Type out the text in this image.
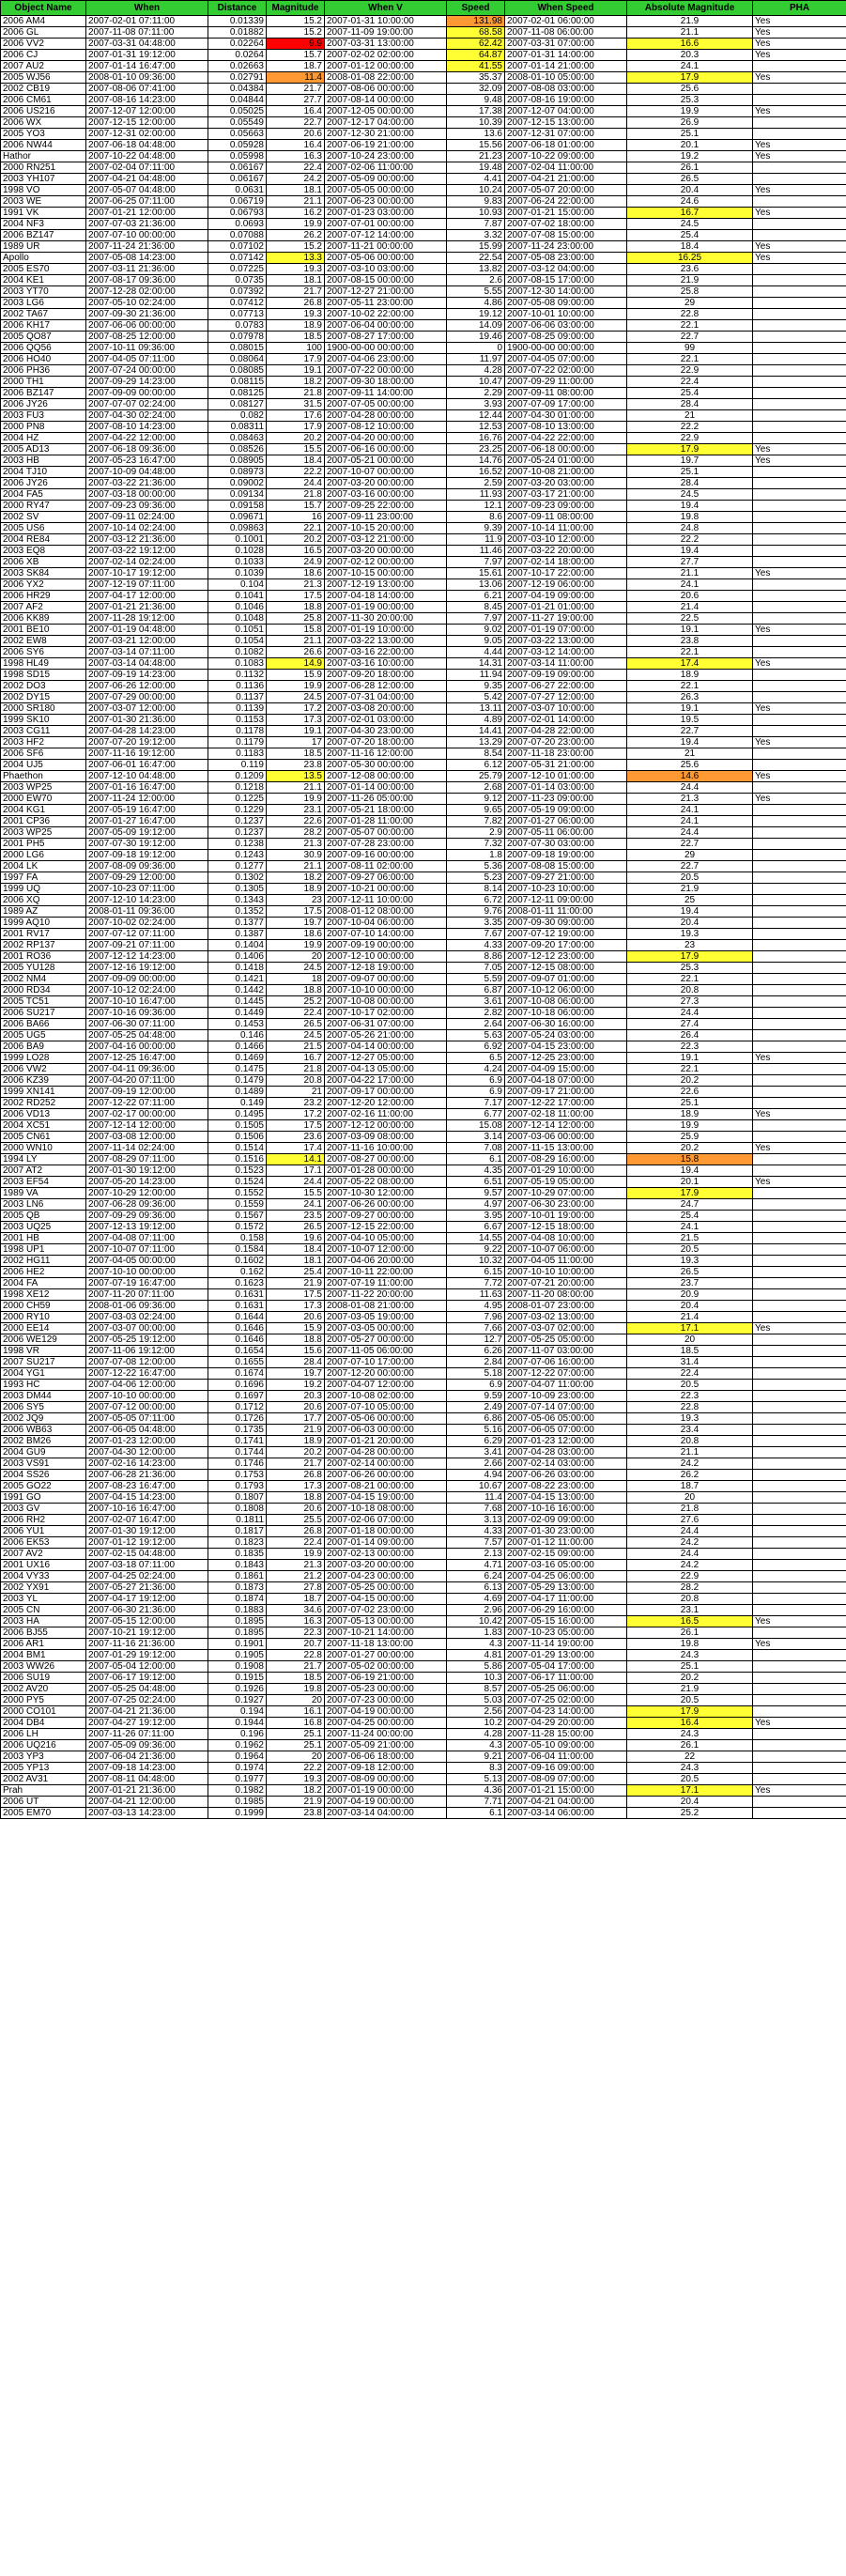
Object Name	When	Distance	Magnitude	When V	Speed	When Speed	Absolute Magnitude	PHA
2006 AM4	2007-02-01 07:11:00	0.01339	15.2	2007-01-31 10:00:00	131.98	2007-02-01 06:00:00	21.9	Yes
2006 GL	2007-11-08 07:11:00	0.01882	15.2	2007-11-09 19:00:00	68.58	2007-11-08 06:00:00	21.1	Yes
2006 VV2	2007-03-31 04:48:00	0.02264	9.9	2007-03-31 13:00:00	62.42	2007-03-31 07:00:00	16.6	Yes
2006 CJ	2007-01-31 19:12:00	0.0264	15.7	2007-02-02 02:00:00	64.87	2007-01-31 14:00:00	20.3	Yes
2007 AU2	2007-01-14 16:47:00	0.02663	18.7	2007-01-12 00:00:00	41.55	2007-01-14 21:00:00	24.1	
2005 WJ56	2008-01-10 09:36:00	0.02791	11.4	2008-01-08 22:00:00	35.37	2008-01-10 05:00:00	17.9	Yes
2002 CB19	2007-08-06 07:41:00	0.04384	21.7	2007-08-06 00:00:00	32.09	2007-08-08 03:00:00	25.6	
2006 CM61	2007-08-16 14:23:00	0.04844	27.7	2007-08-14 00:00:00	9.48	2007-08-16 19:00:00	25.3	
2006 US216	2007-12-07 12:00:00	0.05025	16.4	2007-12-05 00:00:00	17.38	2007-12-07 04:00:00	19.9	Yes
2006 WX	2007-12-15 12:00:00	0.05549	22.7	2007-12-17 04:00:00	10.39	2007-12-15 13:00:00	26.9	
2005 YO3	2007-12-31 02:00:00	0.05663	20.6	2007-12-30 21:00:00	13.6	2007-12-31 07:00:00	25.1	
2006 NW44	2007-06-18 04:48:00	0.05928	16.4	2007-06-19 21:00:00	15.56	2007-06-18 01:00:00	20.1	Yes
Hathor	2007-10-22 04:48:00	0.05998	16.3	2007-10-24 23:00:00	21.23	2007-10-22 09:00:00	19.2	Yes
2000 RN251	2007-02-04 07:11:00	0.06167	22.4	2007-02-06 11:00:00	19.48	2007-02-04 11:00:00	26.1	
2003 YH107	2007-04-21 04:48:00	0.06167	24.2	2007-05-09 00:00:00	4.41	2007-04-21 21:00:00	26.5	
1998 VO	2007-05-07 04:48:00	0.0631	18.1	2007-05-05 00:00:00	10.24	2007-05-07 20:00:00	20.4	Yes
2003 WE	2007-06-25 07:11:00	0.06719	21.1	2007-06-23 00:00:00	9.83	2007-06-24 22:00:00	24.6	
1991 VK	2007-01-21 12:00:00	0.06793	16.2	2007-01-23 03:00:00	10.93	2007-01-21 15:00:00	16.7	Yes
2004 NF3	2007-07-03 21:36:00	0.0693	19.9	2007-07-01 00:00:00	7.87	2007-07-02 18:00:00	24.5	
2006 BZ147	2007-07-10 00:00:00	0.07088	26.2	2007-07-12 14:00:00	3.32	2007-07-08 15:00:00	25.4	
1989 UR	2007-11-24 21:36:00	0.07102	15.2	2007-11-21 00:00:00	15.99	2007-11-24 23:00:00	18.4	Yes
Apollo	2007-05-08 14:23:00	0.07142	13.3	2007-05-06 00:00:00	22.54	2007-05-08 23:00:00	16.25	Yes
2005 ES70	2007-03-11 21:36:00	0.07225	19.3	2007-03-10 03:00:00	13.82	2007-03-12 04:00:00	23.6	
2004 KE1	2007-08-17 09:36:00	0.0735	18.1	2007-08-15 00:00:00	2.6	2007-08-15 17:00:00	21.9	
2003 YT70	2007-12-28 02:00:00	0.07392	21.7	2007-12-27 21:00:00	5.55	2007-12-30 14:00:00	25.8	
2003 LG6	2007-05-10 02:24:00	0.07412	26.8	2007-05-11 23:00:00	4.86	2007-05-08 09:00:00	29	
2002 TA67	2007-09-30 21:36:00	0.07713	19.3	2007-10-02 22:00:00	19.12	2007-10-01 10:00:00	22.8	
2006 KH17	2007-06-06 00:00:00	0.0783	18.9	2007-06-04 00:00:00	14.09	2007-06-06 03:00:00	22.1	
2005 QO87	2007-08-25 12:00:00	0.07978	18.5	2007-08-27 17:00:00	19.46	2007-08-25 09:00:00	22.7	
2006 QQ56	2007-10-11 09:36:00	0.08015	100	1900-00-00 00:00:00	0	1900-00-00 00:00:00	99	
2006 HO40	2007-04-05 07:11:00	0.08064	17.9	2007-04-06 23:00:00	11.97	2007-04-05 07:00:00	22.1	
2006 PH36	2007-07-24 00:00:00	0.08085	19.1	2007-07-22 00:00:00	4.28	2007-07-22 02:00:00	22.9	
2000 TH1	2007-09-29 14:23:00	0.08115	18.2	2007-09-30 18:00:00	10.47	2007-09-29 11:00:00	22.4	
2006 BZ147	2007-09-09 00:00:00	0.08125	21.8	2007-09-11 14:00:00	2.29	2007-09-11 08:00:00	25.4	
2006 JY26	2007-07-07 02:24:00	0.08127	31.5	2007-07-05 00:00:00	3.93	2007-07-09 17:00:00	28.4	
2003 FU3	2007-04-30 02:24:00	0.082	17.6	2007-04-28 00:00:00	12.44	2007-04-30 01:00:00	21	
2000 PN8	2007-08-10 14:23:00	0.08311	17.9	2007-08-12 10:00:00	12.53	2007-08-10 13:00:00	22.2	
2004 HZ	2007-04-22 12:00:00	0.08463	20.2	2007-04-20 00:00:00	16.76	2007-04-22 22:00:00	22.9	
2005 AD13	2007-06-18 09:36:00	0.08526	15.5	2007-06-16 00:00:00	23.25	2007-06-18 00:00:00	17.9	Yes
2003 HB	2007-05-23 16:47:00	0.08905	18.4	2007-05-21 00:00:00	14.76	2007-05-24 01:00:00	19.7	Yes
2004 TJ10	2007-10-09 04:48:00	0.08973	22.2	2007-10-07 00:00:00	16.52	2007-10-08 21:00:00	25.1	
2006 JY26	2007-03-22 21:36:00	0.09002	24.4	2007-03-20 00:00:00	2.59	2007-03-20 03:00:00	28.4	
2004 FA5	2007-03-18 00:00:00	0.09134	21.8	2007-03-16 00:00:00	11.93	2007-03-17 21:00:00	24.5	
2000 RY47	2007-09-23 09:36:00	0.09158	15.7	2007-09-25 22:00:00	12.1	2007-09-23 09:00:00	19.4	
2002 SV	2007-09-11 02:24:00	0.09671	16	2007-09-11 23:00:00	8.6	2007-09-11 08:00:00	19.8	
2005 US6	2007-10-14 02:24:00	0.09863	22.1	2007-10-15 20:00:00	9.39	2007-10-14 11:00:00	24.8	
2004 RE84	2007-03-12 21:36:00	0.1001	20.2	2007-03-12 21:00:00	11.9	2007-03-10 12:00:00	22.2	
2003 EQ8	2007-03-22 19:12:00	0.1028	16.5	2007-03-20 00:00:00	11.46	2007-03-22 20:00:00	19.4	
2006 XB	2007-02-14 02:24:00	0.1033	24.9	2007-02-12 00:00:00	7.97	2007-02-14 18:00:00	27.7	
2003 SK84	2007-10-17 19:12:00	0.1039	18.6	2007-10-15 00:00:00	15.61	2007-10-17 22:00:00	21.1	Yes
2006 YX2	2007-12-19 07:11:00	0.104	21.3	2007-12-19 13:00:00	13.06	2007-12-19 06:00:00	24.1	
2006 HR29	2007-04-17 12:00:00	0.1041	17.5	2007-04-18 14:00:00	6.21	2007-04-19 09:00:00	20.6	
2007 AF2	2007-01-21 21:36:00	0.1046	18.8	2007-01-19 00:00:00	8.45	2007-01-21 01:00:00	21.4	
2006 KK89	2007-11-28 19:12:00	0.1048	25.8	2007-11-30 20:00:00	7.97	2007-11-27 19:00:00	22.5	
2001 BE10	2007-01-19 04:48:00	0.1051	15.8	2007-01-19 10:00:00	9.02	2007-01-19 07:00:00	19.1	Yes
2002 EW8	2007-03-21 12:00:00	0.1054	21.1	2007-03-22 13:00:00	9.05	2007-03-22 13:00:00	23.8	
2006 SY6	2007-03-14 07:11:00	0.1082	26.6	2007-03-16 22:00:00	4.44	2007-03-12 14:00:00	22.1	
1998 HL49	2007-03-14 04:48:00	0.1083	14.9	2007-03-16 10:00:00	14.31	2007-03-14 11:00:00	17.4	Yes
1998 SD15	2007-09-19 14:23:00	0.1132	15.9	2007-09-20 18:00:00	11.94	2007-09-19 09:00:00	18.9	
2002 DO3	2007-06-26 12:00:00	0.1136	19.9	2007-06-28 12:00:00	9.35	2007-06-27 22:00:00	22.1	
2002 DY15	2007-07-29 00:00:00	0.1137	24.5	2007-07-31 04:00:00	5.42	2007-07-27 12:00:00	26.3	
2000 SR180	2007-03-07 12:00:00	0.1139	17.2	2007-03-08 20:00:00	13.11	2007-03-07 10:00:00	19.1	Yes
1999 SK10	2007-01-30 21:36:00	0.1153	17.3	2007-02-01 03:00:00	4.89	2007-02-01 14:00:00	19.5	
2003 CG11	2007-04-28 14:23:00	0.1178	19.1	2007-04-30 23:00:00	14.41	2007-04-28 22:00:00	22.7	
2003 HF2	2007-07-20 19:12:00	0.1179	17	2007-07-20 18:00:00	13.29	2007-07-20 23:00:00	19.4	Yes
2006 SF6	2007-11-16 19:12:00	0.1183	18.5	2007-11-16 12:00:00	8.54	2007-11-18 23:00:00	21	
2004 UJ5	2007-06-01 16:47:00	0.119	23.8	2007-05-30 00:00:00	6.12	2007-05-31 21:00:00	25.6	
Phaethon	2007-12-10 04:48:00	0.1209	13.5	2007-12-08 00:00:00	25.79	2007-12-10 01:00:00	14.6	Yes
2003 WP25	2007-01-16 16:47:00	0.1218	21.1	2007-01-14 00:00:00	2.68	2007-01-14 03:00:00	24.4	
2000 EW70	2007-11-24 12:00:00	0.1225	19.9	2007-11-26 05:00:00	9.12	2007-11-23 09:00:00	21.3	Yes
2004 KG1	2007-05-19 16:47:00	0.1229	23.1	2007-05-21 18:00:00	9.65	2007-05-19 09:00:00	24.1	
2001 CP36	2007-01-27 16:47:00	0.1237	22.6	2007-01-28 11:00:00	7.82	2007-01-27 06:00:00	24.1	
2003 WP25	2007-05-09 19:12:00	0.1237	28.2	2007-05-07 00:00:00	2.9	2007-05-11 06:00:00	24.4	
2001 PH5	2007-07-30 19:12:00	0.1238	21.3	2007-07-28 23:00:00	7.32	2007-07-30 03:00:00	22.7	
2000 LG6	2007-09-18 19:12:00	0.1243	30.9	2007-09-16 00:00:00	1.8	2007-09-18 19:00:00	29	
2004 LK	2007-08-09 09:36:00	0.1277	21.1	2007-08-11 02:00:00	5.36	2007-08-08 15:00:00	22.7	
1997 FA	2007-09-29 12:00:00	0.1302	18.2	2007-09-27 06:00:00	5.23	2007-09-27 21:00:00	20.5	
1999 UQ	2007-10-23 07:11:00	0.1305	18.9	2007-10-21 00:00:00	8.14	2007-10-23 10:00:00	21.9	
2006 XQ	2007-12-10 14:23:00	0.1343	23	2007-12-11 10:00:00	6.72	2007-12-11 09:00:00	25	
1989 AZ	2008-01-11 09:36:00	0.1352	17.5	2008-01-12 08:00:00	9.76	2008-01-11 11:00:00	19.4	
1999 AQ10	2007-10-02 02:24:00	0.1377	19.7	2007-10-04 06:00:00	3.35	2007-09-30 09:00:00	20.4	
2001 RV17	2007-07-12 07:11:00	0.1387	18.6	2007-07-10 14:00:00	7.67	2007-07-12 19:00:00	19.3	
2002 RP137	2007-09-21 07:11:00	0.1404	19.9	2007-09-19 00:00:00	4.33	2007-09-20 17:00:00	23	
2001 RO36	2007-12-12 14:23:00	0.1406	20	2007-12-10 00:00:00	8.86	2007-12-12 23:00:00	17.9	
2005 YU128	2007-12-16 19:12:00	0.1418	24.5	2007-12-18 19:00:00	7.05	2007-12-15 08:00:00	25.3	
2002 NM4	2007-09-09 00:00:00	0.1421	18	2007-09-07 00:00:00	5.59	2007-09-07 01:00:00	22.1	
2000 RD34	2007-10-12 02:24:00	0.1442	18.8	2007-10-10 00:00:00	6.87	2007-10-12 06:00:00	20.8	
2005 TC51	2007-10-10 16:47:00	0.1445	25.2	2007-10-08 00:00:00	3.61	2007-10-08 06:00:00	27.3	
2006 SU217	2007-10-16 09:36:00	0.1449	22.4	2007-10-17 02:00:00	2.82	2007-10-18 06:00:00	24.4	
2006 BA66	2007-06-30 07:11:00	0.1453	26.5	2007-06-31 07:00:00	2.64	2007-06-30 16:00:00	27.4	
2005 UG5	2007-05-25 04:48:00	0.146	24.5	2007-05-26 21:00:00	5.63	2007-05-24 03:00:00	26.4	
2006 BA9	2007-04-16 00:00:00	0.1466	21.5	2007-04-14 00:00:00	6.92	2007-04-15 23:00:00	22.3	
1999 LO28	2007-12-25 16:47:00	0.1469	16.7	2007-12-27 05:00:00	6.5	2007-12-25 23:00:00	19.1	Yes
2006 VW2	2007-04-11 09:36:00	0.1475	21.8	2007-04-13 05:00:00	4.24	2007-04-09 15:00:00	22.1	
2006 KZ39	2007-04-20 07:11:00	0.1479	20.8	2007-04-22 17:00:00	6.9	2007-04-18 07:00:00	20.2	
1999 XN141	2007-09-19 12:00:00	0.1489	21	2007-09-17 00:00:00	6.9	2007-09-17 21:00:00	22.6	
2002 RD252	2007-12-22 07:11:00	0.149	23.2	2007-12-20 12:00:00	7.17	2007-12-22 17:00:00	25.1	
2006 VD13	2007-02-17 00:00:00	0.1495	17.2	2007-02-16 11:00:00	6.77	2007-02-18 11:00:00	18.9	Yes
2004 XC51	2007-12-14 12:00:00	0.1505	17.5	2007-12-12 00:00:00	15.08	2007-12-14 12:00:00	19.9	
2005 CN61	2007-03-08 12:00:00	0.1506	23.6	2007-03-09 08:00:00	3.14	2007-03-06 00:00:00	25.9	
2000 WN10	2007-11-14 02:24:00	0.1514	17.4	2007-11-16 10:00:00	7.08	2007-11-15 13:00:00	20.2	Yes
1994 LY	2007-08-29 07:11:00	0.1516	14.1	2007-08-27 00:00:00	6.1	2007-08-29 16:00:00	15.8	
2007 AT2	2007-01-30 19:12:00	0.1523	17.1	2007-01-28 00:00:00	4.35	2007-01-29 10:00:00	19.4	
2003 EF54	2007-05-20 14:23:00	0.1524	24.4	2007-05-22 08:00:00	6.51	2007-05-19 05:00:00	20.1	Yes
1989 VA	2007-10-29 12:00:00	0.1552	15.5	2007-10-30 12:00:00	9.57	2007-10-29 07:00:00	17.9	
2003 LN6	2007-06-28 09:36:00	0.1559	24.1	2007-06-26 00:00:00	4.97	2007-06-30 23:00:00	24.7	
2005 QB	2007-09-29 09:36:00	0.1567	23.5	2007-09-27 00:00:00	3.95	2007-10-01 19:00:00	25.4	
2003 UQ25	2007-12-13 19:12:00	0.1572	26.5	2007-12-15 22:00:00	6.67	2007-12-15 18:00:00	24.1	
2001 HB	2007-04-08 07:11:00	0.158	19.6	2007-04-10 05:00:00	14.55	2007-04-08 10:00:00	21.5	
1998 UP1	2007-10-07 07:11:00	0.1584	18.4	2007-10-07 12:00:00	9.22	2007-10-07 06:00:00	20.5	
2002 HG11	2007-04-05 00:00:00	0.1602	18.1	2007-04-06 20:00:00	10.32	2007-04-05 11:00:00	19.3	
2006 HE2	2007-10-10 00:00:00	0.162	25.4	2007-10-11 22:00:00	6.15	2007-10-10 10:00:00	26.5	
2004 FA	2007-07-19 16:47:00	0.1623	21.9	2007-07-19 11:00:00	7.72	2007-07-21 20:00:00	23.7	
1998 XE12	2007-11-20 07:11:00	0.1631	17.5	2007-11-22 20:00:00	11.63	2007-11-20 08:00:00	20.9	
2000 CH59	2008-01-06 09:36:00	0.1631	17.3	2008-01-08 21:00:00	4.95	2008-01-07 23:00:00	20.4	
2000 RY10	2007-03-03 02:24:00	0.1644	20.6	2007-03-05 19:00:00	7.96	2007-03-02 13:00:00	21.4	
2000 EE14	2007-03-07 00:00:00	0.1646	15.9	2007-03-05 00:00:00	7.66	2007-03-07 02:00:00	17.1	Yes
2006 WE129	2007-05-25 19:12:00	0.1646	18.8	2007-05-27 00:00:00	12.7	2007-05-25 05:00:00	20	
1998 VR	2007-11-06 19:12:00	0.1654	15.6	2007-11-05 06:00:00	6.26	2007-11-07 03:00:00	18.5	
2007 SU217	2007-07-08 12:00:00	0.1655	28.4	2007-07-10 17:00:00	2.84	2007-07-06 16:00:00	31.4	
2004 YG1	2007-12-22 16:47:00	0.1674	19.7	2007-12-20 00:00:00	5.18	2007-12-22 07:00:00	22.4	
1993 HC	2007-04-06 12:00:00	0.1696	19.2	2007-04-07 12:00:00	6.9	2007-04-07 11:00:00	20.5	
2003 DM44	2007-10-10 00:00:00	0.1697	20.3	2007-10-08 02:00:00	9.59	2007-10-09 23:00:00	22.3	
2006 SY5	2007-07-12 00:00:00	0.1712	20.6	2007-07-10 05:00:00	2.49	2007-07-14 07:00:00	22.8	
2002 JQ9	2007-05-05 07:11:00	0.1726	17.7	2007-05-06 00:00:00	6.86	2007-05-06 05:00:00	19.3	
2006 WB63	2007-06-05 04:48:00	0.1735	21.9	2007-06-03 00:00:00	5.16	2007-06-05 07:00:00	23.4	
2002 BM26	2007-01-23 12:00:00	0.1741	18.9	2007-01-21 20:00:00	6.29	2007-01-23 12:00:00	20.8	
2004 GU9	2007-04-30 12:00:00	0.1744	20.2	2007-04-28 00:00:00	3.41	2007-04-28 03:00:00	21.1	
2003 VS91	2007-02-16 14:23:00	0.1746	21.7	2007-02-14 00:00:00	2.66	2007-02-14 03:00:00	24.2	
2004 SS26	2007-06-28 21:36:00	0.1753	26.8	2007-06-26 00:00:00	4.94	2007-06-26 03:00:00	26.2	
2005 GO22	2007-08-23 16:47:00	0.1793	17.3	2007-08-21 00:00:00	10.67	2007-08-22 23:00:00	18.7	
1991 GO	2007-04-15 14:23:00	0.1807	18.8	2007-04-15 19:00:00	11.4	2007-04-15 13:00:00	20	
2003 GV	2007-10-16 16:47:00	0.1808	20.6	2007-10-18 08:00:00	7.68	2007-10-16 16:00:00	21.8	
2006 RH2	2007-02-07 16:47:00	0.1811	25.5	2007-02-06 07:00:00	3.13	2007-02-09 09:00:00	27.6	
2006 YU1	2007-01-30 19:12:00	0.1817	26.8	2007-01-18 00:00:00	4.33	2007-01-30 23:00:00	24.4	
2006 EK53	2007-01-12 19:12:00	0.1823	22.4	2007-01-14 09:00:00	7.57	2007-01-12 11:00:00	24.2	
2007 AV2	2007-02-15 04:48:00	0.1835	19.9	2007-02-13 00:00:00	2.13	2007-02-15 09:00:00	24.4	
2001 UX16	2007-03-18 07:11:00	0.1843	21.3	2007-03-20 00:00:00	4.71	2007-03-16 05:00:00	24.2	
2004 VY33	2007-04-25 02:24:00	0.1861	21.2	2007-04-23 00:00:00	6.24	2007-04-25 06:00:00	22.9	
2002 YX91	2007-05-27 21:36:00	0.1873	27.8	2007-05-25 00:00:00	6.13	2007-05-29 13:00:00	28.2	
2003 YL	2007-04-17 19:12:00	0.1874	18.7	2007-04-15 00:00:00	4.69	2007-04-17 11:00:00	20.8	
2005 CN	2007-06-30 21:36:00	0.1883	34.6	2007-07-02 23:00:00	2.96	2007-06-29 16:00:00	23.1	
2003 HA	2007-05-15 12:00:00	0.1895	16.3	2007-05-13 00:00:00	10.42	2007-05-15 16:00:00	16.5	Yes
2006 BJ55	2007-10-21 19:12:00	0.1895	22.3	2007-10-21 14:00:00	1.83	2007-10-23 05:00:00	26.1	
2006 AR1	2007-11-16 21:36:00	0.1901	20.7	2007-11-18 13:00:00	4.3	2007-11-14 19:00:00	19.8	Yes
2004 BM1	2007-01-29 19:12:00	0.1905	22.8	2007-01-27 00:00:00	4.81	2007-01-29 13:00:00	24.3	
2003 WW26	2007-05-04 12:00:00	0.1908	21.7	2007-05-02 00:00:00	5.86	2007-05-04 17:00:00	25.1	
2006 SU19	2007-06-17 19:12:00	0.1915	18.5	2007-06-19 21:00:00	10.3	2007-06-17 11:00:00	20.2	
2002 AV20	2007-05-25 04:48:00	0.1926	19.8	2007-05-23 00:00:00	8.57	2007-05-25 06:00:00	21.9	
2000 PY5	2007-07-25 02:24:00	0.1927	20	2007-07-23 00:00:00	5.03	2007-07-25 02:00:00	20.5	
2000 CO101	2007-04-21 21:36:00	0.194	16.1	2007-04-19 00:00:00	2.56	2007-04-23 14:00:00	17.9	
2004 DB4	2007-04-27 19:12:00	0.1944	16.8	2007-04-25 00:00:00	10.2	2007-04-29 20:00:00	16.4	Yes
2006 LH	2007-11-26 07:11:00	0.196	25.1	2007-11-24 00:00:00	4.28	2007-11-28 15:00:00	24.3	
2006 UQ216	2007-05-09 09:36:00	0.1962	25.1	2007-05-09 21:00:00	4.3	2007-05-10 09:00:00	26.1	
2003 YP3	2007-06-04 21:36:00	0.1964	20	2007-06-06 18:00:00	9.21	2007-06-04 11:00:00	22	
2005 YP13	2007-09-18 14:23:00	0.1974	22.2	2007-09-18 12:00:00	8.3	2007-09-16 09:00:00	24.3	
2002 AV31	2007-08-11 04:48:00	0.1977	19.3	2007-08-09 00:00:00	5.13	2007-08-09 07:00:00	20.5	
Prah	2007-01-21 21:36:00	0.1982	18.2	2007-01-19 00:00:00	4.36	2007-01-21 15:00:00	17.1	Yes
2006 UT	2007-04-21 12:00:00	0.1985	21.9	2007-04-19 00:00:00	7.71	2007-04-21 04:00:00	20.4	
2005 EM70	2007-03-13 14:23:00	0.1999	23.8	2007-03-14 04:00:00	6.1	2007-03-14 06:00:00	25.2	
